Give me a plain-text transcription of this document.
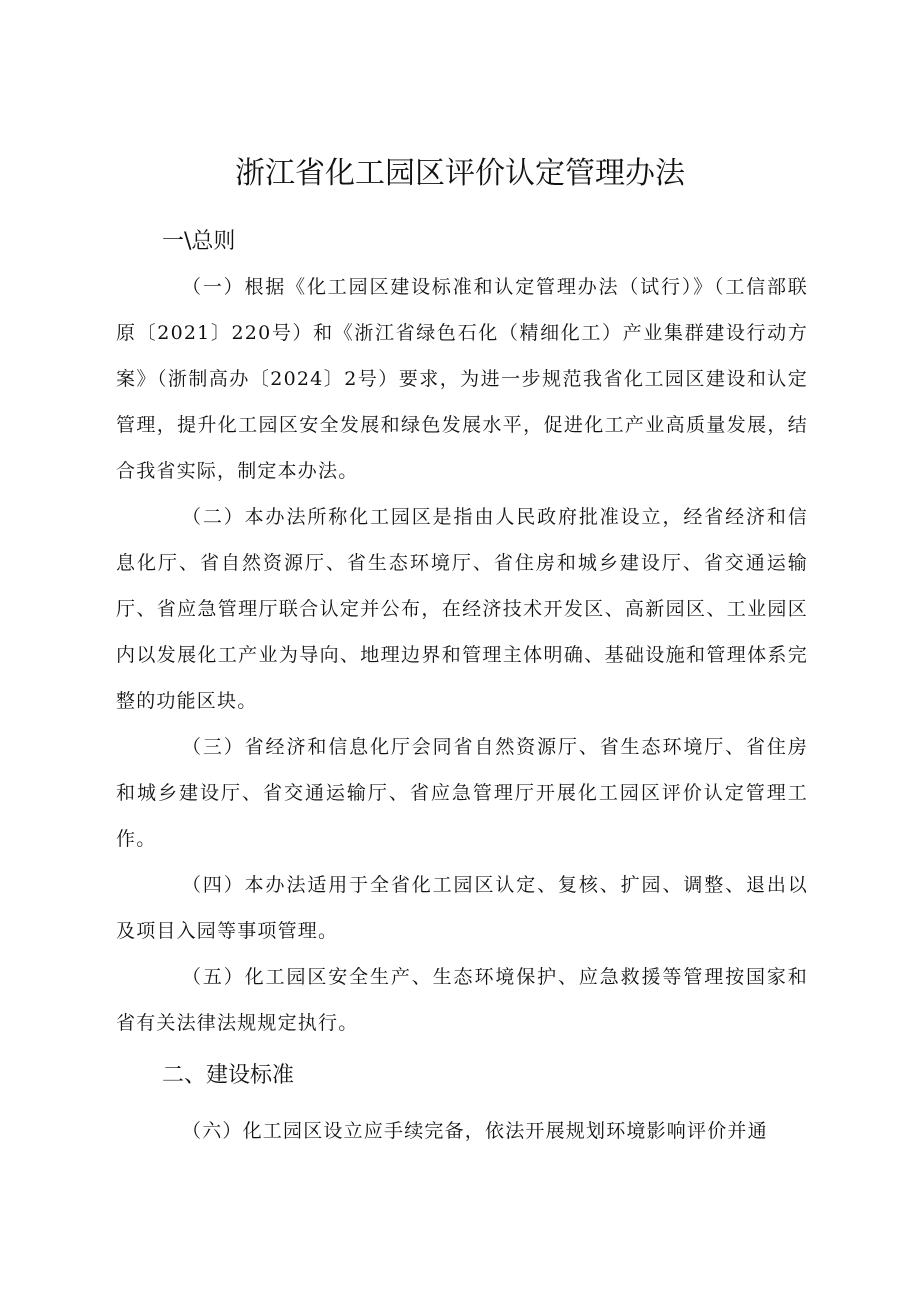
浙江省化工园区评价认定管理办法
一\总则

（一）根据《化工园区建设标准和认定管理办法（试行）》（工信部联原〔2021〕220号）和《浙江省绿色石化（精细化工）产业集群建设行动方案》（浙制高办〔2024〕2号）要求，为进一步规范我省化工园区建设和认定管理，提升化工园区安全发展和绿色发展水平，促进化工产业高质量发展，结合我省实际，制定本办法。

（二）本办法所称化工园区是指由人民政府批准设立，经省经济和信息化厅、省自然资源厅、省生态环境厅、省住房和城乡建设厅、省交通运输厅、省应急管理厅联合认定并公布，在经济技术开发区、高新园区、工业园区内以发展化工产业为导向、地理边界和管理主体明确、基础设施和管理体系完整的功能区块。

（三）省经济和信息化厅会同省自然资源厅、省生态环境厅、省住房和城乡建设厅、省交通运输厅、省应急管理厅开展化工园区评价认定管理工作。

（四）本办法适用于全省化工园区认定、复核、扩园、调整、退出以及项目入园等事项管理。

（五）化工园区安全生产、生态环境保护、应急救援等管理按国家和省有关法律法规规定执行。

二、建设标准

（六）化工园区设立应手续完备，依法开展规划环境影响评价并通
